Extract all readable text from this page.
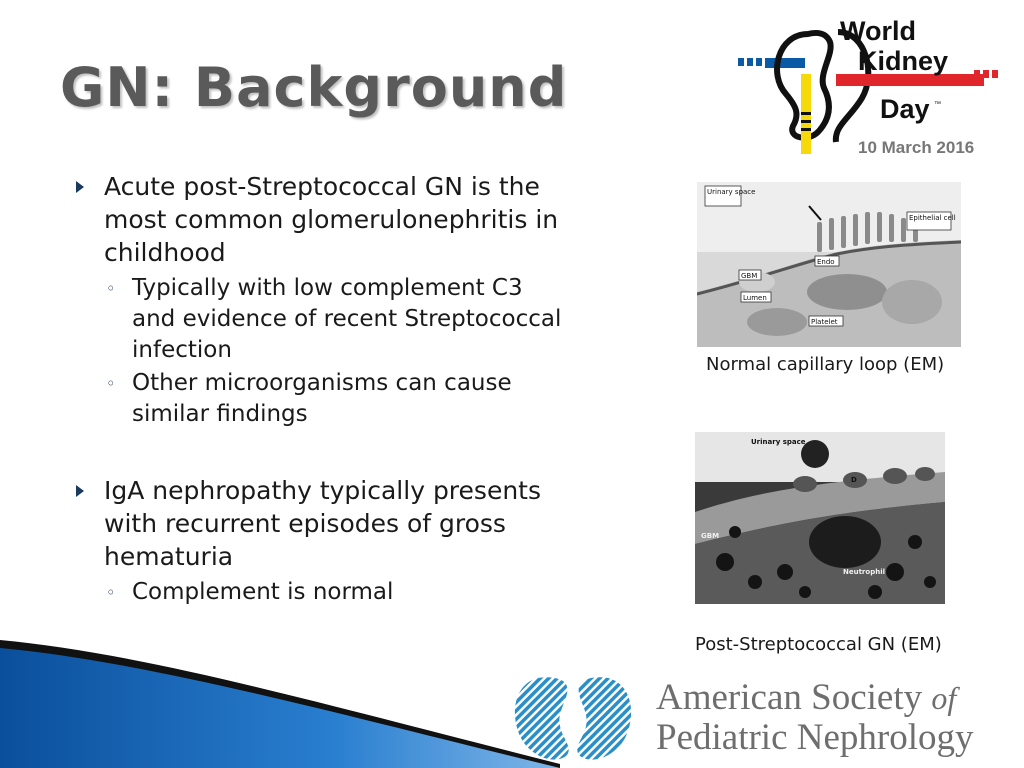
GN: Background
World
Kidney
Day ™
10 March 2016
Acute post-Streptococcal GN is the most common glomerulonephritis in childhood
◦ Typically with low complement C3 and evidence of recent Streptococcal infection
◦ Other microorganisms can cause similar findings
IgA nephropathy typically presents with recurrent episodes of gross hematuria
◦ Complement is normal
Urinary space
Epithelial cell
Endo
GBM
Lumen
Platelet
Normal capillary loop (EM)
Urinary space
D
GBM
Neutrophil
Post-Streptococcal GN (EM)
American Society of
Pediatric Nephrology
